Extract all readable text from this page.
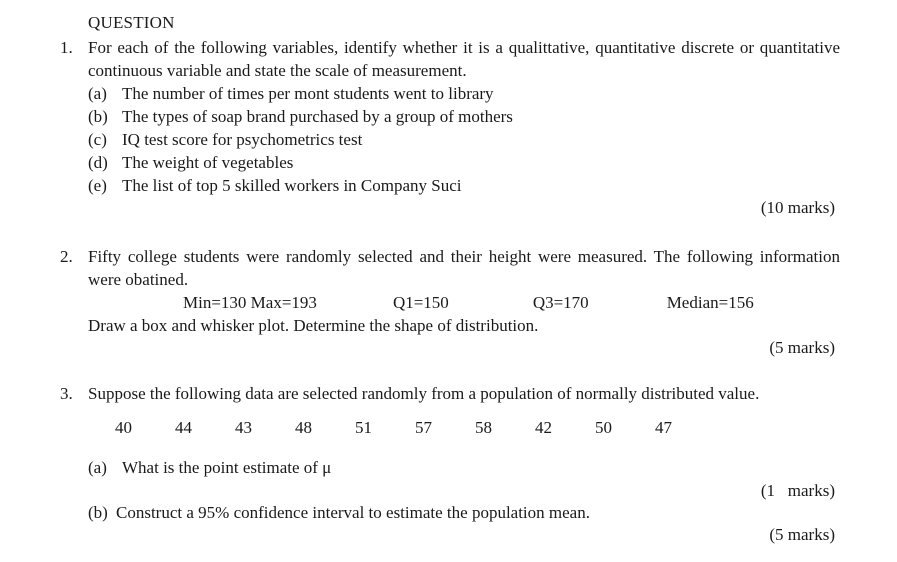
QUESTION
1. For each of the following variables, identify whether it is a qualittative, quantitative discrete or quantitative continuous variable and state the scale of measurement.
(a) The number of times per mont students went to library
(b) The types of soap brand purchased by a group of mothers
(c) IQ test score for psychometrics test
(d) The weight of vegetables
(e) The list of top 5 skilled workers in Company Suci
(10 marks)
2. Fifty college students were randomly selected and their height were measured. The following information were obatined.
Min=130 Max=193	Q1=150	Q3=170	Median=156
Draw a box and whisker plot. Determine the shape of distribution.
(5 marks)
3. Suppose the following data are selected randomly from a population of normally distributed value.
40	44	43	48	51	57	58	42	50	47
(a) What is the point estimate of μ
(b) Construct a 95% confidence interval to estimate the population mean.
(1   marks)
(5 marks)
